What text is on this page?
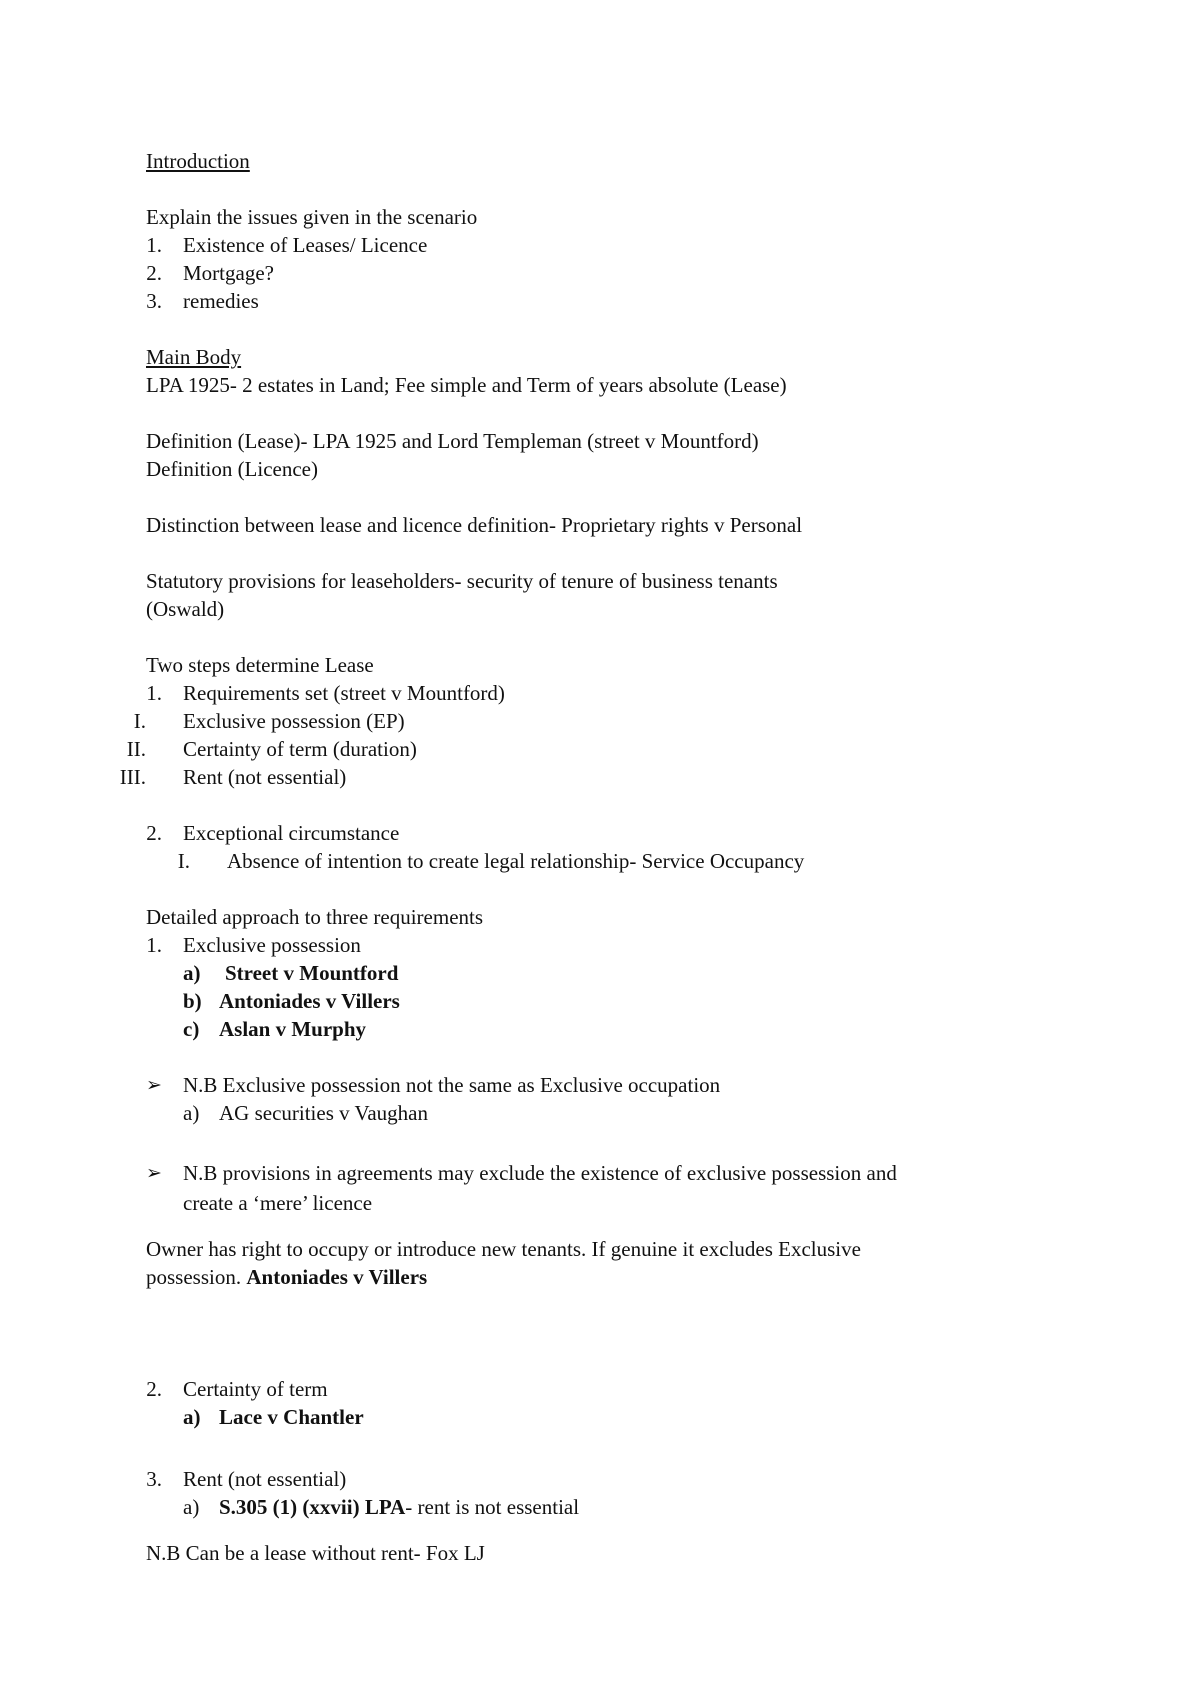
Introduction
Explain the issues given in the scenario
1. Existence of Leases/ Licence
2. Mortgage?
3. remedies
Main Body
LPA 1925- 2 estates in Land; Fee simple and Term of years absolute (Lease)
Definition (Lease)- LPA 1925 and Lord Templeman (street v Mountford)
Definition (Licence)
Distinction between lease and licence definition- Proprietary rights v Personal
Statutory provisions for leaseholders- security of tenure of business tenants
(Oswald)
Two steps determine Lease
1. Requirements set (street v Mountford)
I. Exclusive possession (EP)
II. Certainty of term (duration)
III. Rent (not essential)
2. Exceptional circumstance
I. Absence of intention to create legal relationship- Service Occupancy
Detailed approach to three requirements
1. Exclusive possession
a) Street v Mountford
b) Antoniades v Villers
c) Aslan v Murphy
➢ N.B Exclusive possession not the same as Exclusive occupation
a) AG securities v Vaughan
➢ N.B provisions in agreements may exclude the existence of exclusive possession and
create a ‘mere’ licence
Owner has right to occupy or introduce new tenants. If genuine it excludes Exclusive
possession. Antoniades v Villers
2. Certainty of term
a) Lace v Chantler
3. Rent (not essential)
a) S.305 (1) (xxvii) LPA- rent is not essential
N.B Can be a lease without rent- Fox LJ
